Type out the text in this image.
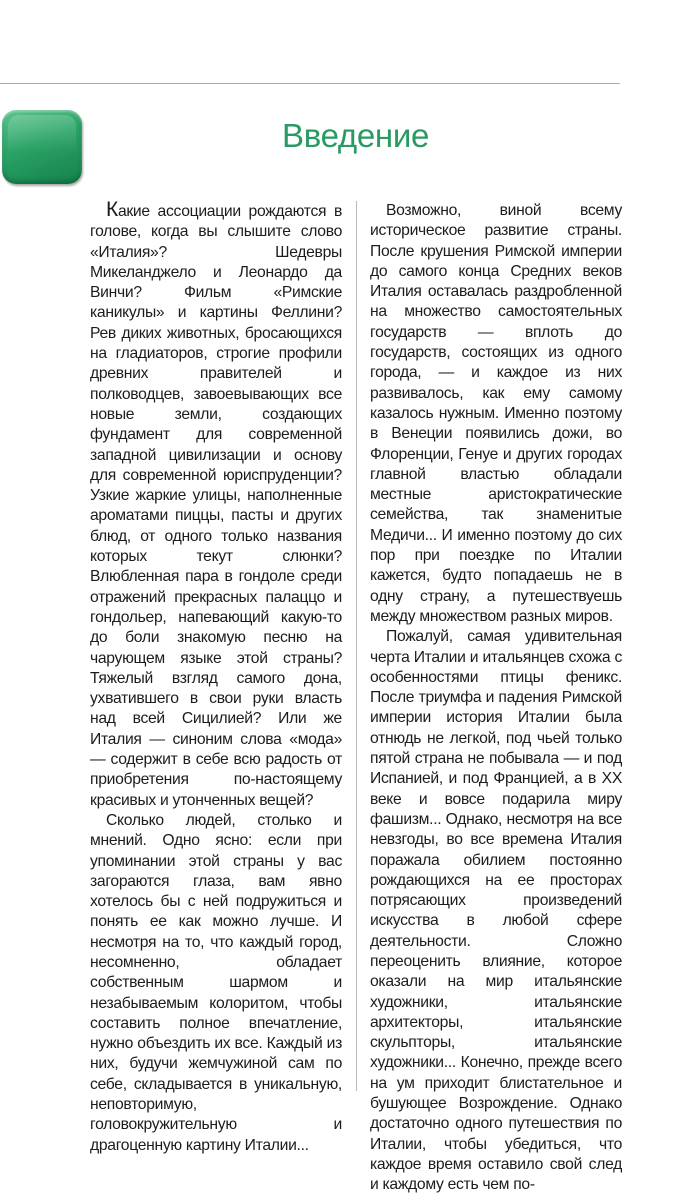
Введение

Какие ассоциации рождаются в голове, когда вы слышите слово «Италия»? Шедевры Микеланджело и Леонардо да Винчи? Фильм «Римские каникулы» и картины Феллини? Рев диких животных, бросающихся на гладиаторов, строгие профили древних правителей и полководцев, завоевывающих все новые земли, создающих фундамент для современной западной цивилизации и основу для современной юриспруденции? Узкие жаркие улицы, наполненные ароматами пиццы, пасты и других блюд, от одного только названия которых текут слюнки? Влюбленная пара в гондоле среди отражений прекрасных палаццо и гондольер, напевающий какую-то до боли знакомую песню на чарующем языке этой страны? Тяжелый взгляд самого дона, ухватившего в свои руки власть над всей Сицилией? Или же Италия — синоним слова «мода» — содержит в себе всю радость от приобретения по-настоящему красивых и утонченных вещей?

Сколько людей, столько и мнений. Одно ясно: если при упоминании этой страны у вас загораются глаза, вам явно хотелось бы с ней подружиться и понять ее как можно лучше. И несмотря на то, что каждый город, несомненно, обладает собственным шармом и незабываемым колоритом, чтобы составить полное впечатление, нужно объездить их все. Каждый из них, будучи жемчужиной сам по себе, складывается в уникальную, неповторимую, головокружительную и драгоценную картину Италии...

Возможно, виной всему историческое развитие страны. После крушения Римской империи до самого конца Средних веков Италия оставалась раздробленной на множество самостоятельных государств — вплоть до государств, состоящих из одного города, — и каждое из них развивалось, как ему самому казалось нужным. Именно поэтому в Венеции появились дожи, во Флоренции, Генуе и других городах главной властью обладали местные аристократические семейства, так знаменитые Медичи... И именно поэтому до сих пор при поездке по Италии кажется, будто попадаешь не в одну страну, а путешествуешь между множеством разных миров.

Пожалуй, самая удивительная черта Италии и итальянцев схожа с особенностями птицы феникс. После триумфа и падения Римской империи история Италии была отнюдь не легкой, под чьей только пятой страна не побывала — и под Испанией, и под Францией, а в XX веке и вовсе подарила миру фашизм... Однако, несмотря на все невзгоды, во все времена Италия поражала обилием постоянно рождающихся на ее просторах потрясающих произведений искусства в любой сфере деятельности. Сложно переоценить влияние, которое оказали на мир итальянские художники, итальянские архитекторы, итальянские скульпторы, итальянские художники... Конечно, прежде всего на ум приходит блистательное и бушующее Возрождение. Однако достаточно одного путешествия по Италии, чтобы убедиться, что каждое время оставило свой след и каждому есть чем по-
